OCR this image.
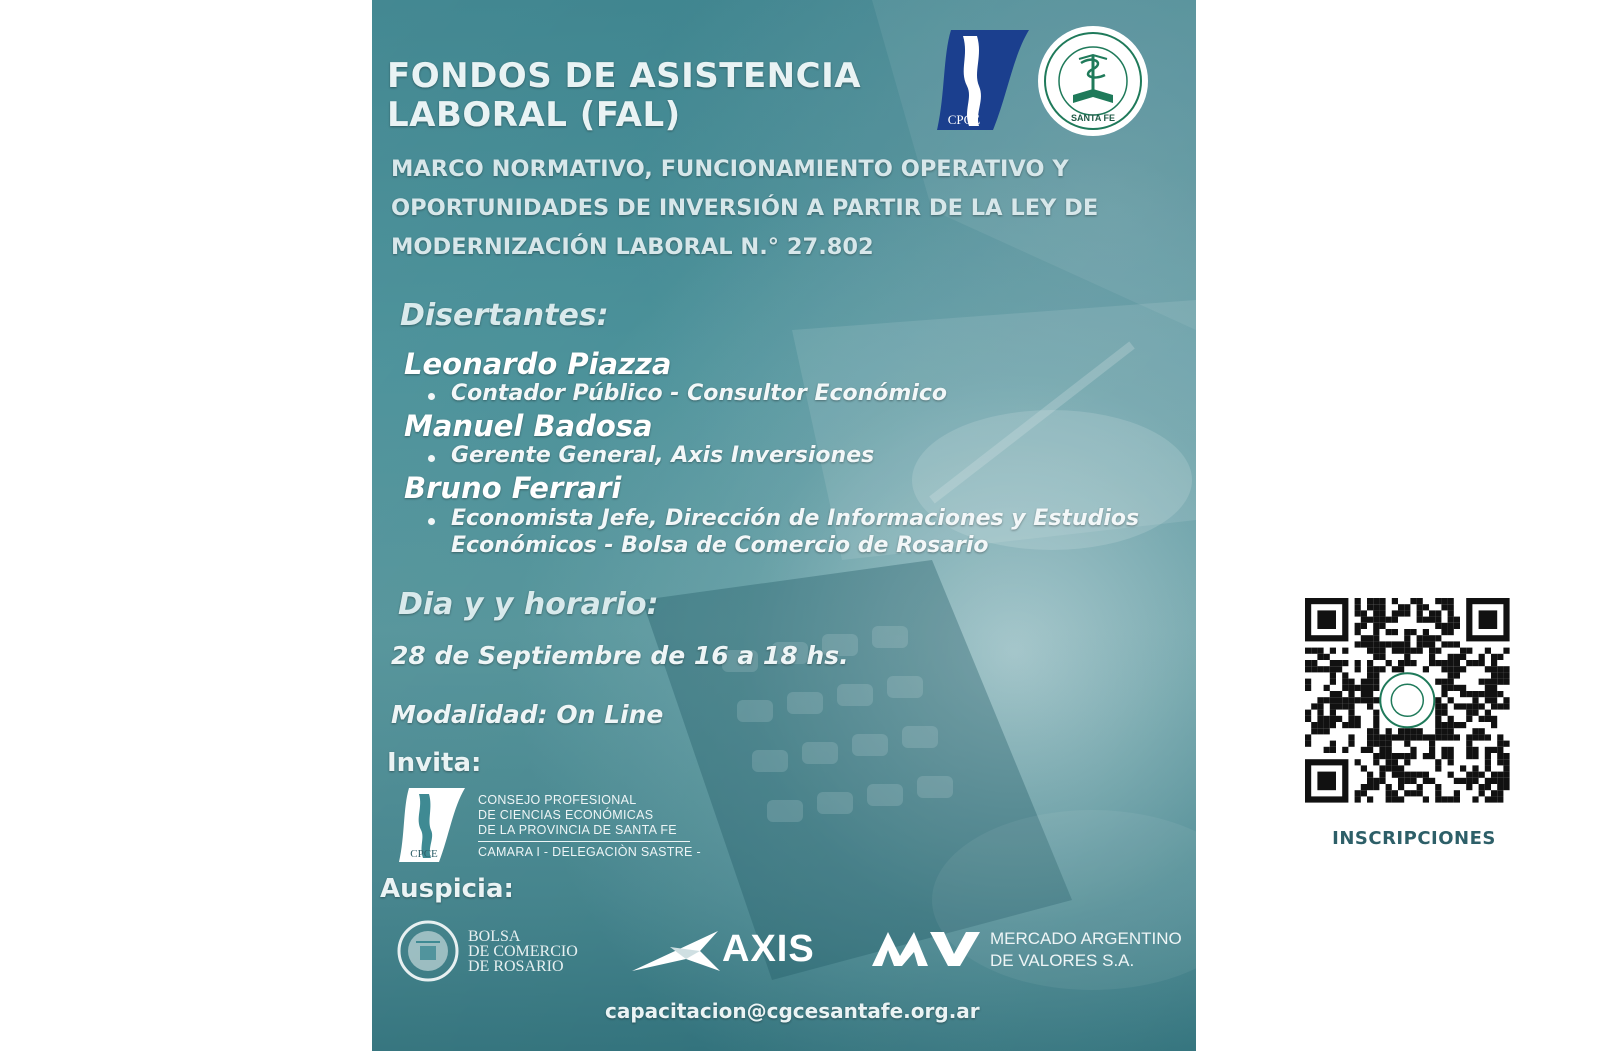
FONDOS DE ASISTENCIA
LABORAL (FAL)	CPCE	SANTA FE
MARCO NORMATIVO, FUNCIONAMIENTO OPERATIVO Y
OPORTUNIDADES DE INVERSIÓN A PARTIR DE LA LEY DE
MODERNIZACIÓN LABORAL N.° 27.802
Disertantes:
Leonardo Piazza
Contador Público - Consultor Económico
Manuel Badosa
Gerente General, Axis Inversiones
Bruno Ferrari
Economista Jefe, Dirección de Informaciones y Estudios
Económicos - Bolsa de Comercio de Rosario
Dia y y horario:
28 de Septiembre de 16 a 18 hs.
Modalidad: On Line
INSCRIPCIONES
Invita:
CPCE
CONSEJO PROFESIONAL
DE CIENCIAS ECONÓMICAS
DE LA PROVINCIA DE SANTA FE
CAMARA I - DELEGACIÒN SASTRE -
Auspicia:
BOLSA
DE COMERCIO
DE ROSARIO	AXIS	MERCADO ARGENTINO
DE VALORES S.A.
capacitacion@cgcesantafe.org.ar
